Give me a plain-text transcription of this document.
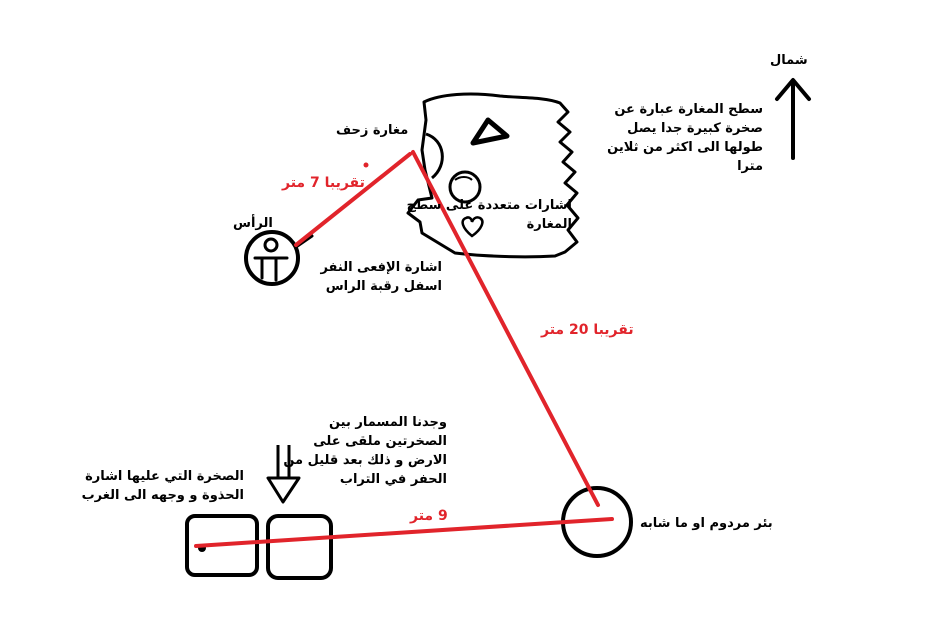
شمال
سطح المغارة عبارة عن
صخرة كبيرة جدا يصل
طولها الى اكثر من ثلاين
مترا
مغارة زحف
تقريبا 7 متر
الرأس
اشارات متعددة على سطح
المغارة
اشارة الإفعى النفر
اسفل رقبة الراس
تقريبا 20 متر
وجدنا المسمار بين
الصخرتين ملقى على
الارض و ذلك بعد قليل من
الحفر في التراب
الصخرة التي عليها اشارة
الحذوة و وجهه الى الغرب
9 متر	بئر مردوم او ما شابه
